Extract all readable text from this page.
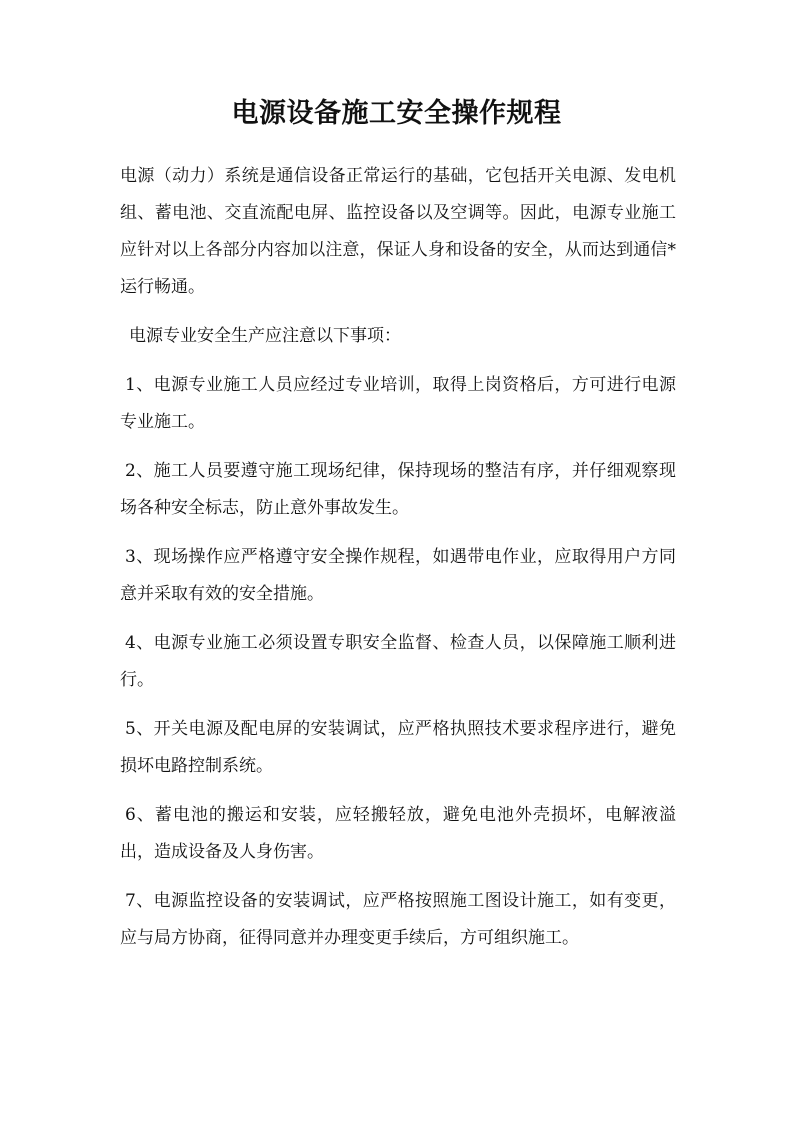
电源设备施工安全操作规程

电源（动力）系统是通信设备正常运行的基础，它包括开关电源、发电机组、蓄电池、交直流配电屏、监控设备以及空调等。因此，电源专业施工应针对以上各部分内容加以注意，保证人身和设备的安全，从而达到通信*运行畅通。

电源专业安全生产应注意以下事项：

1、电源专业施工人员应经过专业培训，取得上岗资格后，方可进行电源专业施工。

2、施工人员要遵守施工现场纪律，保持现场的整洁有序，并仔细观察现场各种安全标志，防止意外事故发生。

3、现场操作应严格遵守安全操作规程，如遇带电作业，应取得用户方同意并采取有效的安全措施。

4、电源专业施工必须设置专职安全监督、检查人员，以保障施工顺利进行。

5、开关电源及配电屏的安装调试，应严格执照技术要求程序进行，避免损坏电路控制系统。

6、蓄电池的搬运和安装，应轻搬轻放，避免电池外壳损坏，电解液溢出，造成设备及人身伤害。

7、电源监控设备的安装调试，应严格按照施工图设计施工，如有变更，应与局方协商，征得同意并办理变更手续后，方可组织施工。
